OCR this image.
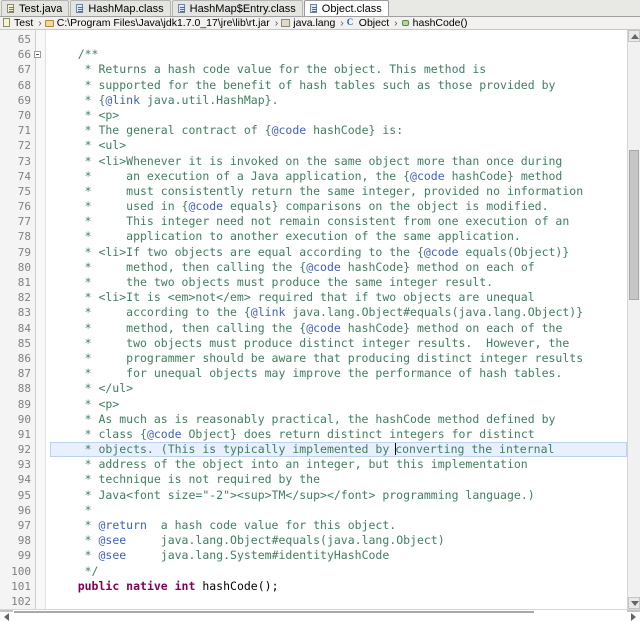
Test.java HashMap.class HashMap$Entry.class Object.class
Test › C:\Program Files\Java\jdk1.7.0_17\jre\lib\rt.jar › java.lang › C Object › hashCode()
65
66
67
68
69
70
71
72
73
74
75
76
77
78
79
80
81
82
83
84
85
86
87
88
89
90
91
92
93
94
95
96
97
98
99
100
101
102
/**
* Returns a hash code value for the object. This method is
* supported for the benefit of hash tables such as those provided by
* {@link java.util.HashMap}.
* <p>
* The general contract of {@code hashCode} is:
* <ul>
* <li>Whenever it is invoked on the same object more than once during
*     an execution of a Java application, the {@code hashCode} method
*     must consistently return the same integer, provided no information
*     used in {@code equals} comparisons on the object is modified.
*     This integer need not remain consistent from one execution of an
*     application to another execution of the same application.
* <li>If two objects are equal according to the {@code equals(Object)}
*     method, then calling the {@code hashCode} method on each of
*     the two objects must produce the same integer result.
* <li>It is <em>not</em> required that if two objects are unequal
*     according to the {@link java.lang.Object#equals(java.lang.Object)}
*     method, then calling the {@code hashCode} method on each of the
*     two objects must produce distinct integer results.  However, the
*     programmer should be aware that producing distinct integer results
*     for unequal objects may improve the performance of hash tables.
* </ul>
* <p>
* As much as is reasonably practical, the hashCode method defined by
* class {@code Object} does return distinct integers for distinct
* objects. (This is typically implemented by converting the internal
* address of the object into an integer, but this implementation
* technique is not required by the
* Java<font size="-2"><sup>TM</sup></font> programming language.)
*
* @return  a hash code value for this object.
* @see     java.lang.Object#equals(java.lang.Object)
* @see     java.lang.System#identityHashCode
*/
public native int hashCode();
